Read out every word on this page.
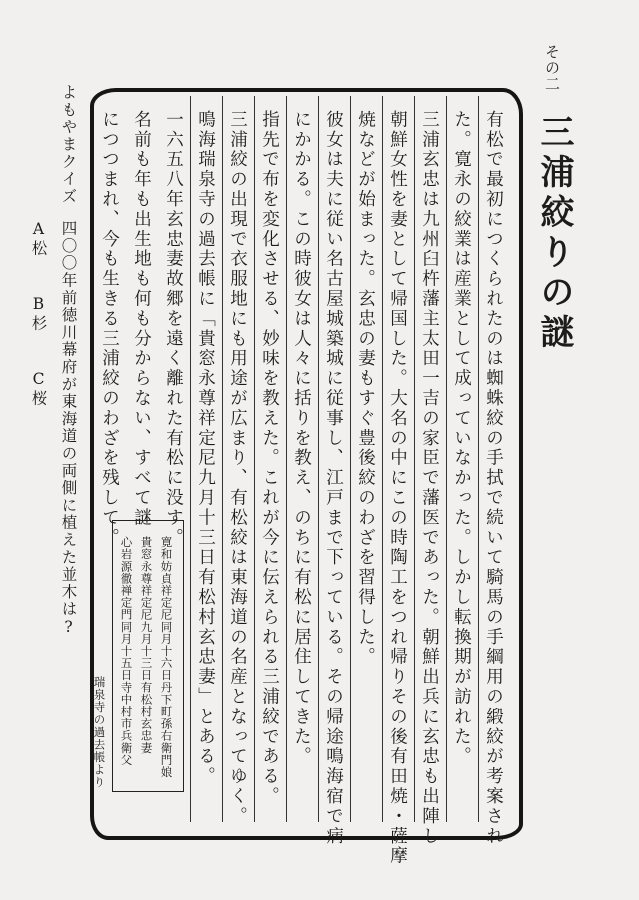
その二
三浦絞りの謎
有松で最初につくられたのは蜘蛛絞の手拭で続いて騎馬の手綱用の緞絞が考案され
た。寛永の絞業は産業として成っていなかった。しかし転換期が訪れた。
三浦玄忠は九州臼杵藩主太田一吉の家臣で藩医であった。朝鮮出兵に玄忠も出陣し
朝鮮女性を妻として帰国した。大名の中にこの時陶工をつれ帰りその後有田焼・薩摩
焼などが始まった。玄忠の妻もすぐ豊後絞のわざを習得した。
彼女は夫に従い名古屋城築城に従事し、江戸まで下っている。その帰途鳴海宿で病
にかかる。この時彼女は人々に括りを教え、のちに有松に居住してきた。
指先で布を変化させる、妙味を教えた。これが今に伝えられる三浦絞である。
三浦絞の出現で衣服地にも用途が広まり、有松絞は東海道の名産となってゆく。
鳴海瑞泉寺の過去帳に「貴窓永尊祥定尼九月十三日有松村玄忠妻」とある。
一六五八年玄忠妻故郷を遠く離れた有松に没す。
名前も年も出生地も何も分からない、すべて謎
につつまれ、今も生きる三浦絞のわざを残して。
寛和妨貞祥定尼同月十六日丹下町孫右衛門娘
貴窓永尊祥定尼九月十三日有松村玄忠妻
心岩源徹禅定門同月十五日寺中村市兵衛父
瑞泉寺の過去帳より
よもやまクイズ
四〇〇年前徳川幕府が東海道の両側に植えた並木は?
A松 B杉 C桜
